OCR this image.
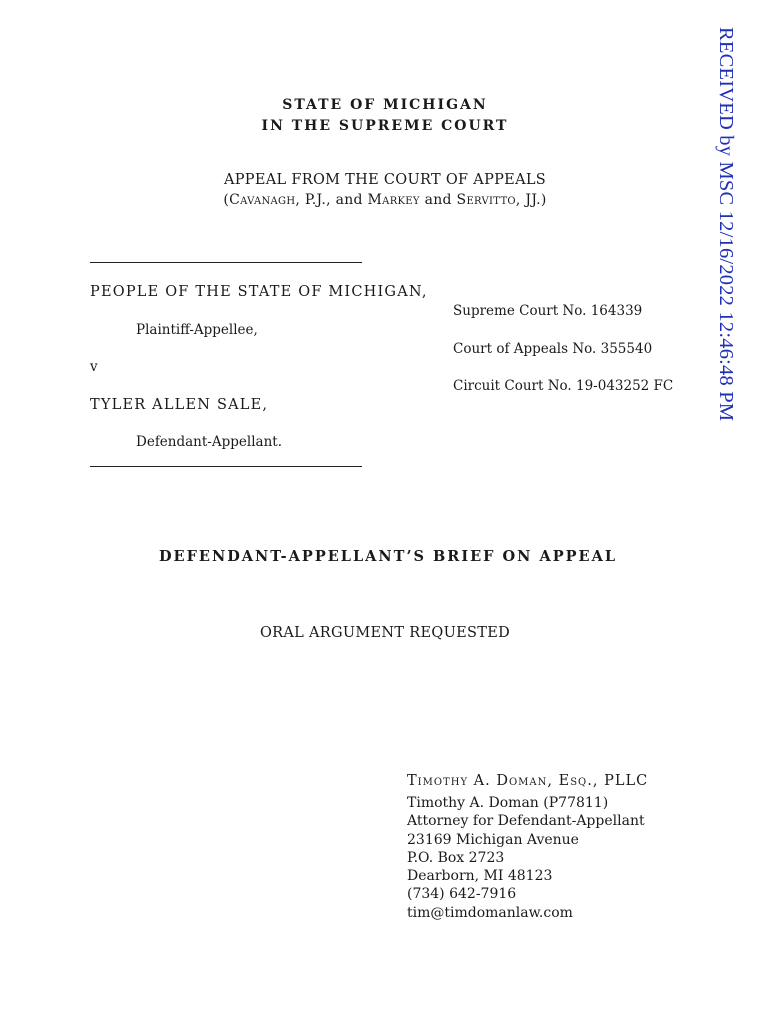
STATE OF MICHIGAN
IN THE SUPREME COURT
APPEAL FROM THE COURT OF APPEALS
(Cavanagh, P.J., and Markey and Servitto, JJ.)
PEOPLE OF THE STATE OF MICHIGAN,
Plaintiff-Appellee,
v
TYLER ALLEN SALE,
Defendant-Appellant.
Supreme Court No. 164339
Court of Appeals No. 355540
Circuit Court No. 19-043252 FC
DEFENDANT-APPELLANT’S BRIEF ON APPEAL
ORAL ARGUMENT REQUESTED
Timothy A. Doman, Esq., PLLC
Timothy A. Doman (P77811)
Attorney for Defendant-Appellant
23169 Michigan Avenue
P.O. Box 2723
Dearborn, MI 48123
(734) 642-7916
tim@timdomanlaw.com
RECEIVED by MSC 12/16/2022 12:46:48 PM
